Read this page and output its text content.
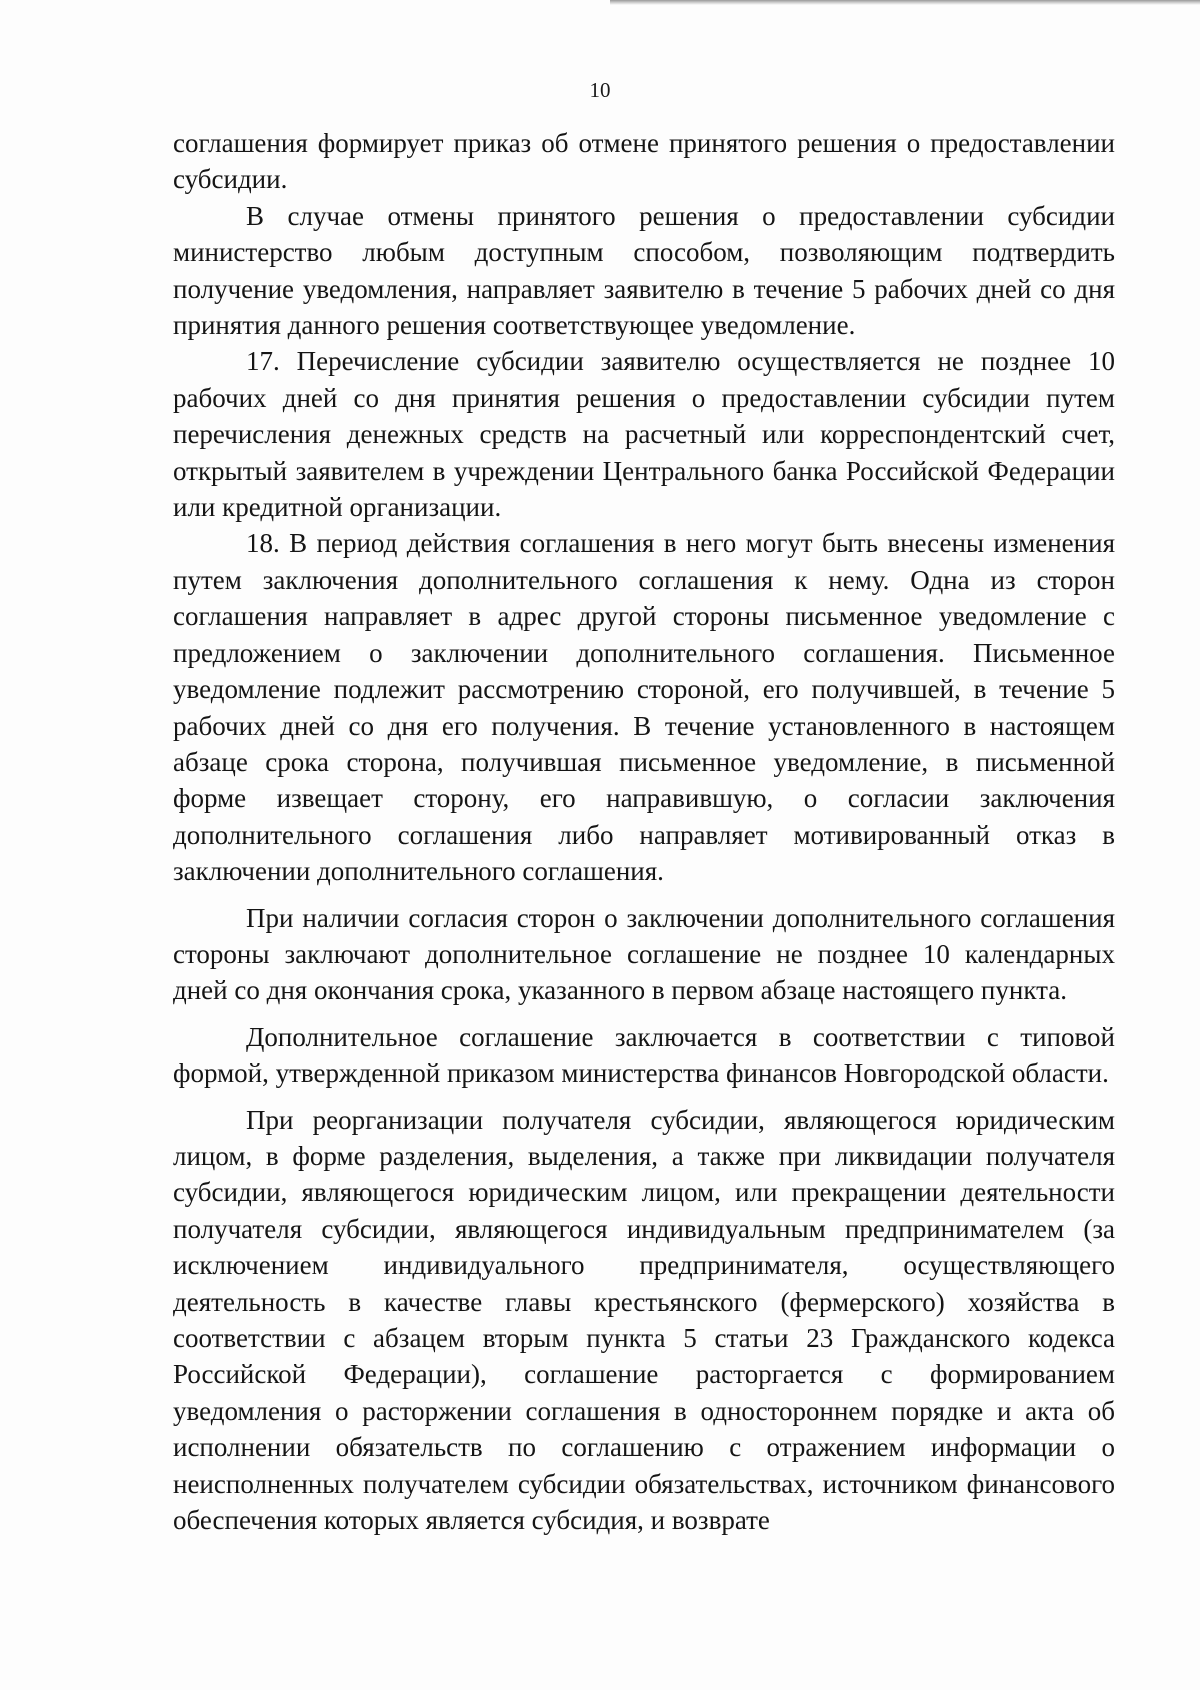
10

соглашения формирует приказ об отмене принятого решения о предоставлении субсидии.

В случае отмены принятого решения о предоставлении субсидии министерство любым доступным способом, позволяющим подтвердить получение уведомления, направляет заявителю в течение 5 рабочих дней со дня принятия данного решения соответствующее уведомление.

17. Перечисление субсидии заявителю осуществляется не позднее 10 рабочих дней со дня принятия решения о предоставлении субсидии путем перечисления денежных средств на расчетный или корреспондентский счет, открытый заявителем в учреждении Центрального банка Российской Федерации или кредитной организации.

18. В период действия соглашения в него могут быть внесены изменения путем заключения дополнительного соглашения к нему. Одна из сторон соглашения направляет в адрес другой стороны письменное уведомление с предложением о заключении дополнительного соглашения. Письменное уведомление подлежит рассмотрению стороной, его получившей, в течение 5 рабочих дней со дня его получения. В течение установленного в настоящем абзаце срока сторона, получившая письменное уведомление, в письменной форме извещает сторону, его направившую, о согласии заключения дополнительного соглашения либо направляет мотивированный отказ в заключении дополнительного соглашения.

При наличии согласия сторон о заключении дополнительного соглашения стороны заключают дополнительное соглашение не позднее 10 календарных дней со дня окончания срока, указанного в первом абзаце настоящего пункта.

Дополнительное соглашение заключается в соответствии с типовой формой, утвержденной приказом министерства финансов Новгородской области.

При реорганизации получателя субсидии, являющегося юридическим лицом, в форме разделения, выделения, а также при ликвидации получателя субсидии, являющегося юридическим лицом, или прекращении деятельности получателя субсидии, являющегося индивидуальным предпринимателем (за исключением индивидуального предпринимателя, осуществляющего деятельность в качестве главы крестьянского (фермерского) хозяйства в соответствии с абзацем вторым пункта 5 статьи 23 Гражданского кодекса Российской Федерации), соглашение расторгается с формированием уведомления о расторжении соглашения в одностороннем порядке и акта об исполнении обязательств по соглашению с отражением информации о неисполненных получателем субсидии обязательствах, источником финансового обеспечения которых является субсидия, и возврате
